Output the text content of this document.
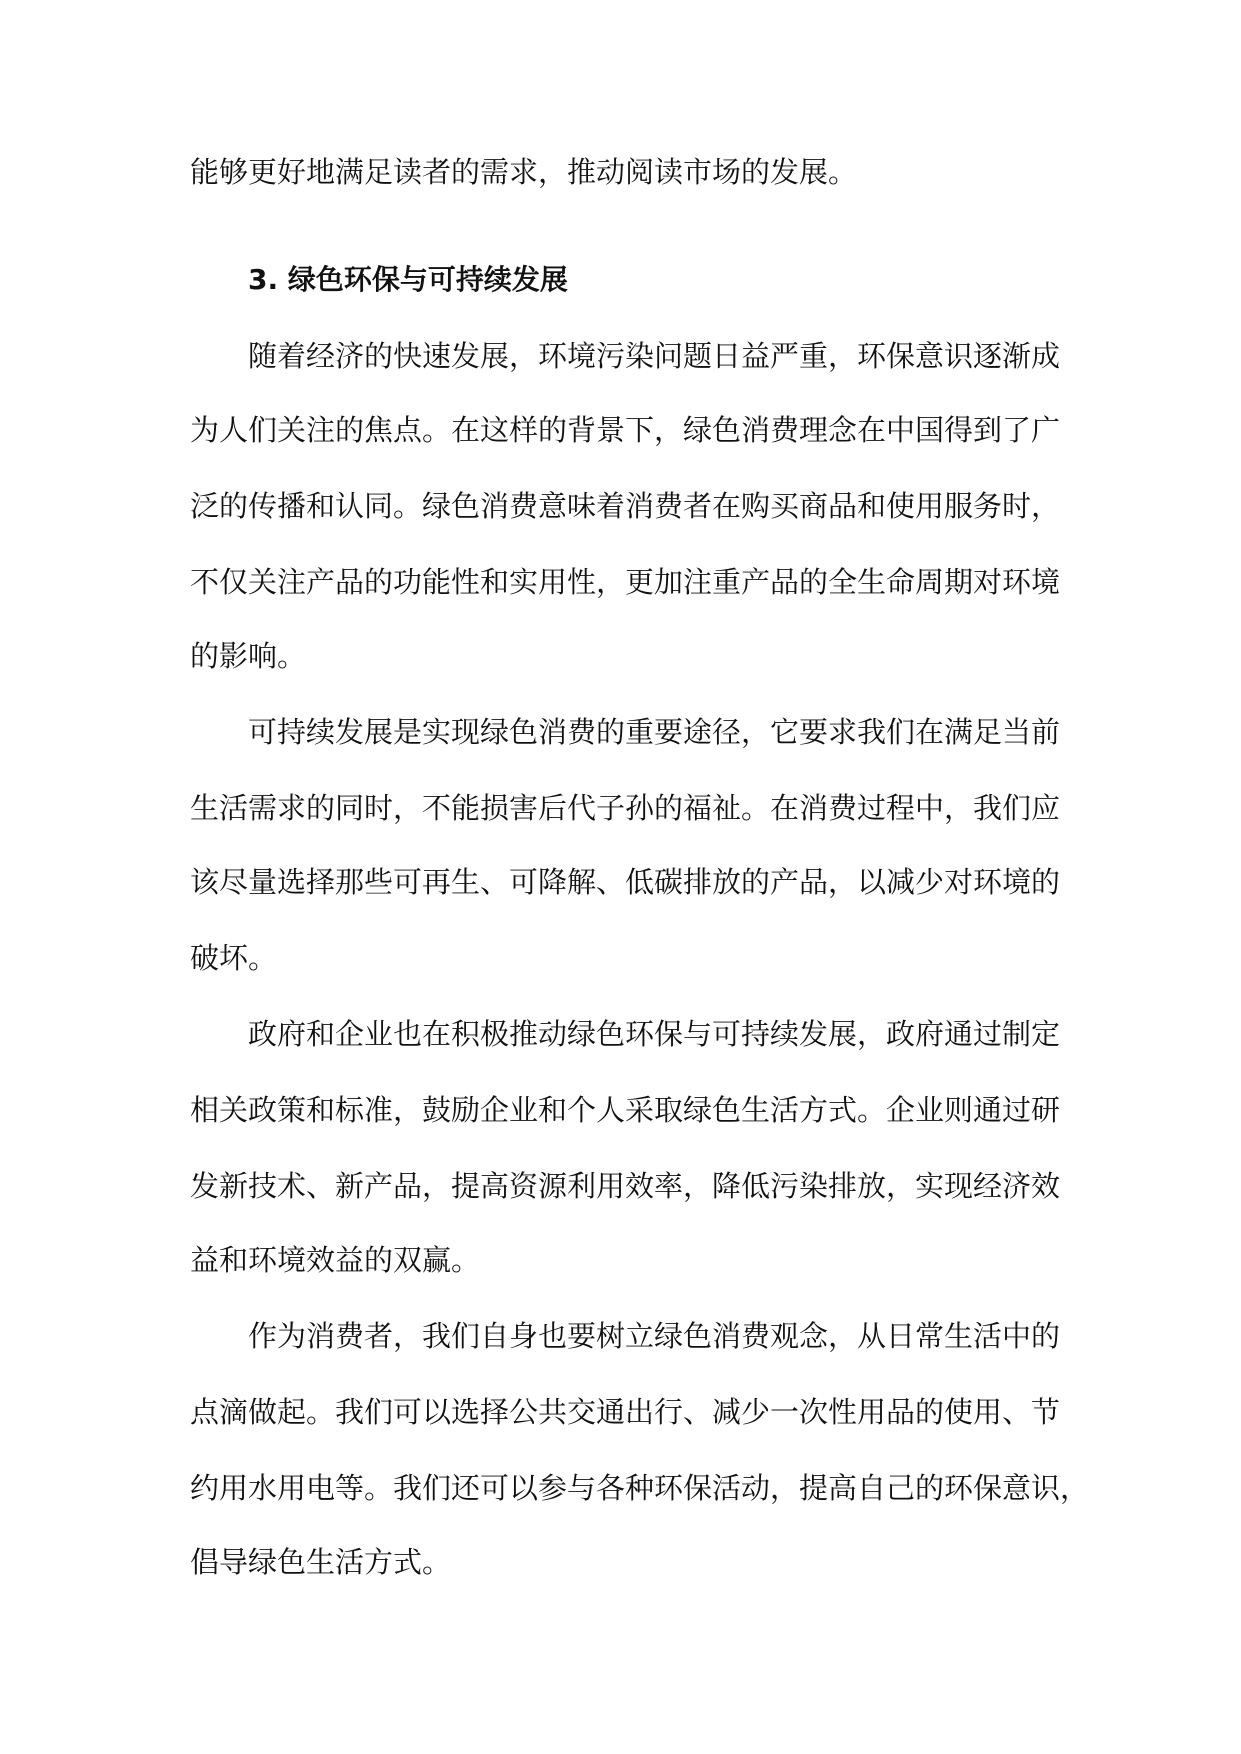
能够更好地满足读者的需求，推动阅读市场的发展。

3. 绿色环保与可持续发展

随着经济的快速发展，环境污染问题日益严重，环保意识逐渐成

为人们关注的焦点。在这样的背景下，绿色消费理念在中国得到了广

泛的传播和认同。绿色消费意味着消费者在购买商品和使用服务时，

不仅关注产品的功能性和实用性，更加注重产品的全生命周期对环境

的影响。

可持续发展是实现绿色消费的重要途径，它要求我们在满足当前

生活需求的同时，不能损害后代子孙的福祉。在消费过程中，我们应

该尽量选择那些可再生、可降解、低碳排放的产品，以减少对环境的

破坏。

政府和企业也在积极推动绿色环保与可持续发展，政府通过制定

相关政策和标准，鼓励企业和个人采取绿色生活方式。企业则通过研

发新技术、新产品，提高资源利用效率，降低污染排放，实现经济效

益和环境效益的双赢。

作为消费者，我们自身也要树立绿色消费观念，从日常生活中的

点滴做起。我们可以选择公共交通出行、减少一次性用品的使用、节

约用水用电等。我们还可以参与各种环保活动，提高自己的环保意识，

倡导绿色生活方式。
